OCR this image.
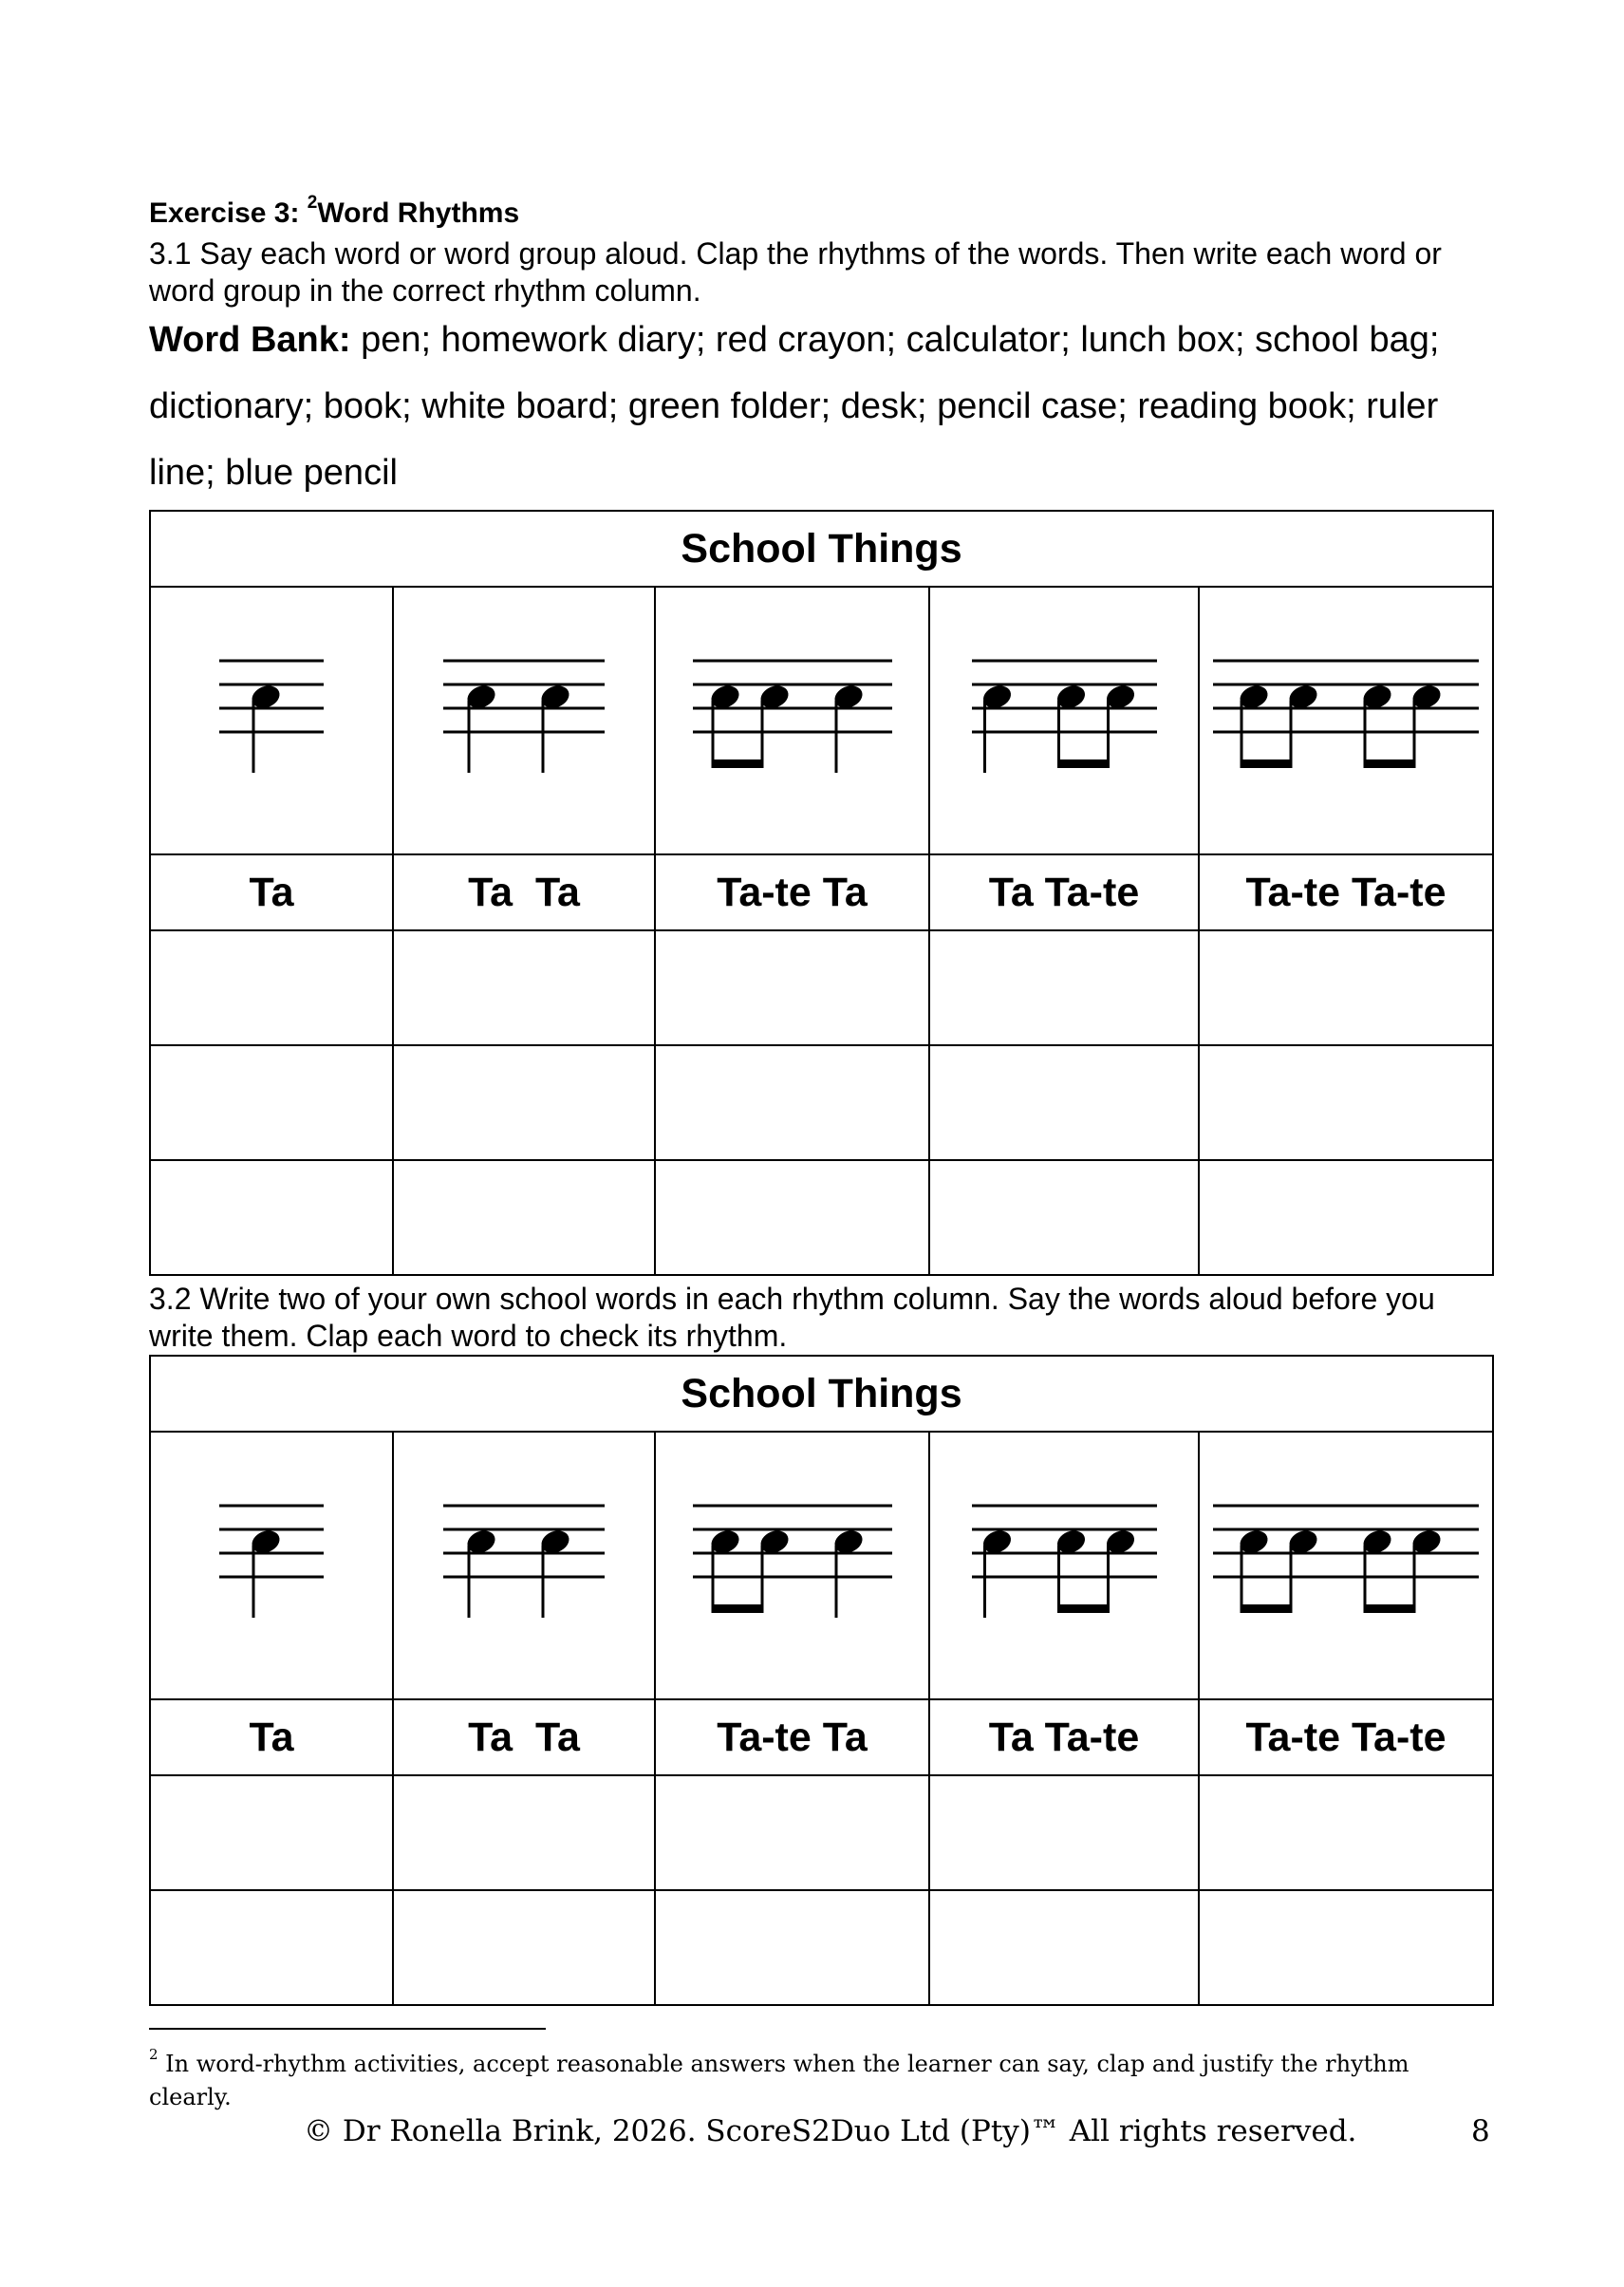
Exercise 3: $^2$Word Rhythms
3.1 Say each word or word group aloud. Clap the rhythms of the words. Then write each word or word group in the correct rhythm column.
Word Bank: pen; homework diary; red crayon; calculator; lunch box; school bag; dictionary; book; white board; green folder; desk; pencil case; reading book; ruler line; blue pencil
School Things				

Ta	Ta  Ta	Ta-te Ta	Ta Ta-te	Ta-te Ta-te

3.2 Write two of your own school words in each rhythm column. Say the words aloud before you write them. Clap each word to check its rhythm.
School Things				

Ta	Ta  Ta	Ta-te Ta	Ta Ta-te	Ta-te Ta-te

$^2$ In word-rhythm activities, accept reasonable answers when the learner can say, clap and justify the rhythm clearly.
© Dr Ronella Brink, 2026. ScoreS2Duo Ltd (Pty)™ All rights reserved.	8
